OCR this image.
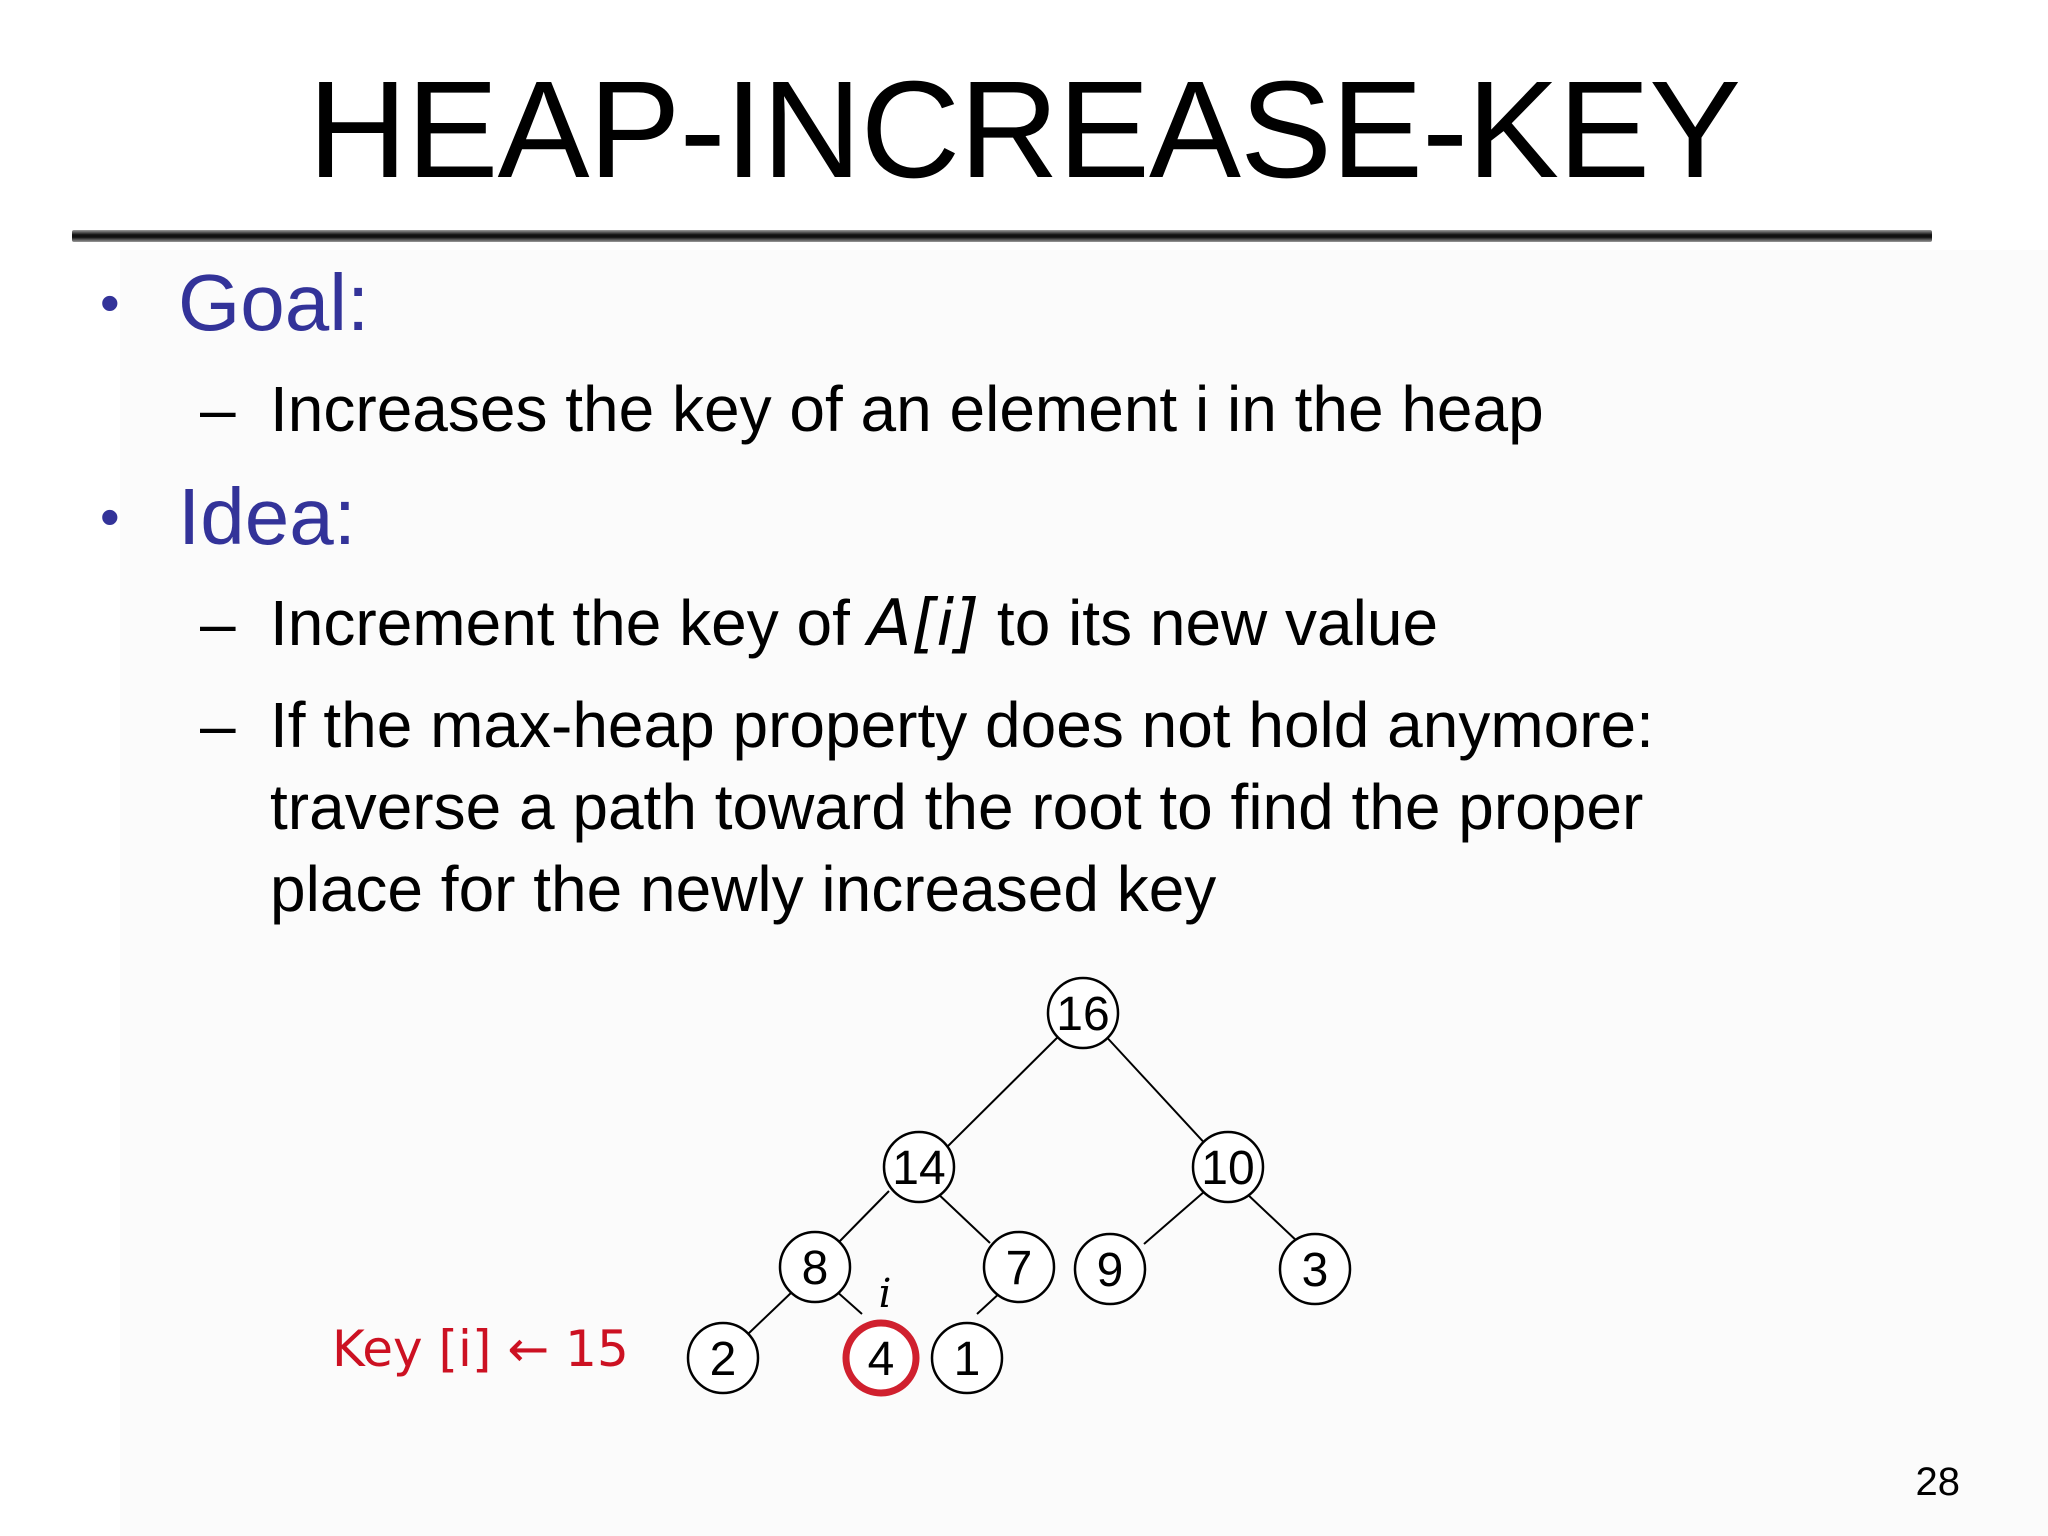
HEAP-INCREASE-KEY
• Goal:
– Increases the key of an element i in the heap
• Idea:
– Increment the key of A[i] to its new value
– If the max-heap property does not hold anymore:
traverse a path toward the root to find the proper
place for the newly increased key
16
14	10
8	7 9	3
2	4 1
i
Key [i] ← 15
28
